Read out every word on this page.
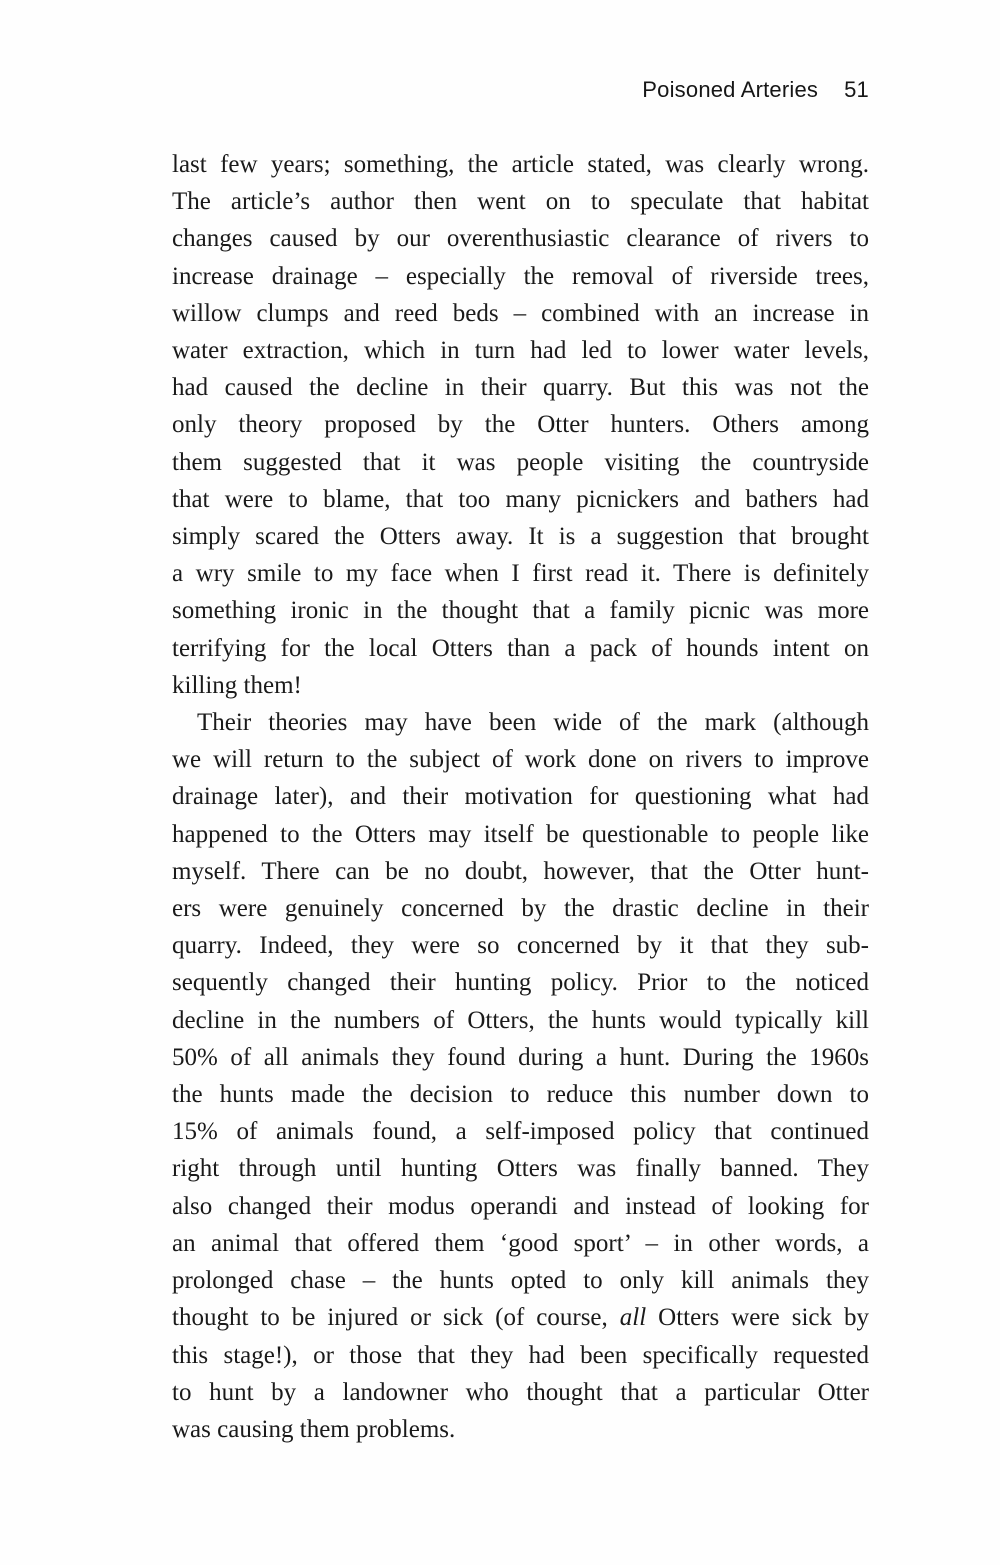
Poisoned Arteries 51
last few years; something, the article stated, was clearly wrong.
The article’s author then went on to speculate that habitat
changes caused by our overenthusiastic clearance of rivers to
increase drainage – especially the removal of riverside trees,
willow clumps and reed beds – combined with an increase in
water extraction, which in turn had led to lower water levels,
had caused the decline in their quarry. But this was not the
only theory proposed by the Otter hunters. Others among
them suggested that it was people visiting the countryside
that were to blame, that too many picnickers and bathers had
simply scared the Otters away. It is a suggestion that brought
a wry smile to my face when I first read it. There is definitely
something ironic in the thought that a family picnic was more
terrifying for the local Otters than a pack of hounds intent on
killing them!
Their theories may have been wide of the mark (although
we will return to the subject of work done on rivers to improve
drainage later), and their motivation for questioning what had
happened to the Otters may itself be questionable to people like
myself. There can be no doubt, however, that the Otter hunt-
ers were genuinely concerned by the drastic decline in their
quarry. Indeed, they were so concerned by it that they sub-
sequently changed their hunting policy. Prior to the noticed
decline in the numbers of Otters, the hunts would typically kill
50% of all animals they found during a hunt. During the 1960s
the hunts made the decision to reduce this number down to
15% of animals found, a self-imposed policy that continued
right through until hunting Otters was finally banned. They
also changed their modus operandi and instead of looking for
an animal that offered them ‘good sport’ – in other words, a
prolonged chase – the hunts opted to only kill animals they
thought to be injured or sick (of course, all Otters were sick by
this stage!), or those that they had been specifically requested
to hunt by a landowner who thought that a particular Otter
was causing them problems.
